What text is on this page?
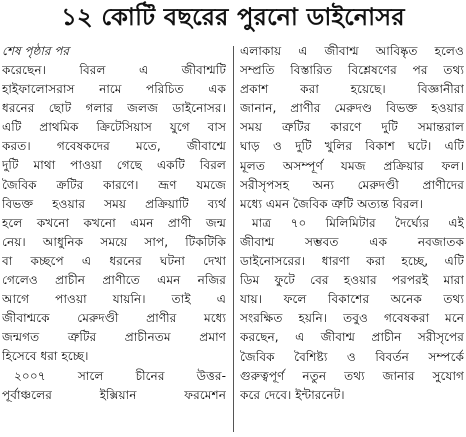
১২ কোটি বছরের পুরনো ডাইনোসর
শেষ পৃষ্ঠার পর
করেছেন। বিরল এ জীবাশ্মটি
হাইফালোসরাস নামে পরিচিত এক
ধরনের ছোট গলার জলজ ডাইনোসর।
এটি প্রাথমিক ক্রিটেসিয়াস যুগে বাস
করত। গবেষকদের মতে, জীবাশ্মে
দুটি মাথা পাওয়া গেছে একটি বিরল
জৈবিক ক্রটির কারণে। ভ্রূণ যমজে
বিভক্ত হওয়ার সময় প্রক্রিয়াটি ব্যর্থ
হলে কখনো কখনো এমন প্রাণী জন্ম
নেয়। আধুনিক সময়ে সাপ, টিকটিকি
বা কচ্ছপে এ ধরনের ঘটনা দেখা
গেলেও প্রাচীন প্রাণীতে এমন নজির
আগে পাওয়া যায়নি। তাই এ
জীবাশ্মকে মেরুদণ্ডী প্রাণীর মধ্যে
জন্মগত ত্রুটির প্রাচীনতম প্রমাণ
হিসেবে ধরা হচ্ছে।
২০০৭ সালে চীনের উত্তর-
পূর্বাঞ্চলের ইক্সিয়ান ফরমেশন
এলাকায় এ জীবাশ্ম আবিষ্কৃত হলেও
সম্প্রতি বিস্তারিত বিশ্লেষণের পর তথ্য
প্রকাশ করা হয়েছে। বিজ্ঞানীরা
জানান, প্রাণীর মেরুদণ্ড বিভক্ত হওয়ার
সময় ত্রুটির কারণে দুটি সমান্তরাল
ঘাড় ও দুটি খুলির বিকাশ ঘটে। এটি
মূলত অসম্পূর্ণ যমজ প্রক্রিয়ার ফল।
সরীসৃপসহ অন্য মেরুদণ্ডী প্রাণীদের
মধ্যে এমন জৈবিক ত্রুটি অত্যন্ত বিরল।
মাত্র ৭০ মিলিমিটার দৈর্ঘ্যের এই
জীবাশ্ম সম্ভবত এক নবজাতক
ডাইনোসরের। ধারণা করা হচ্ছে, এটি
ডিম ফুটে বের হওয়ার পরপরই মারা
যায়। ফলে বিকাশের অনেক তথ্য
সংরক্ষিত হয়নি। তবুও গবেষকরা মনে
করছেন, এ জীবাশ্ম প্রাচীন সরীসৃপের
জৈবিক বৈশিষ্ট্য ও বিবর্তন সম্পর্কে
গুরুত্বপূর্ণ নতুন তথ্য জানার সুযোগ
করে দেবে। ইন্টারনেট।
